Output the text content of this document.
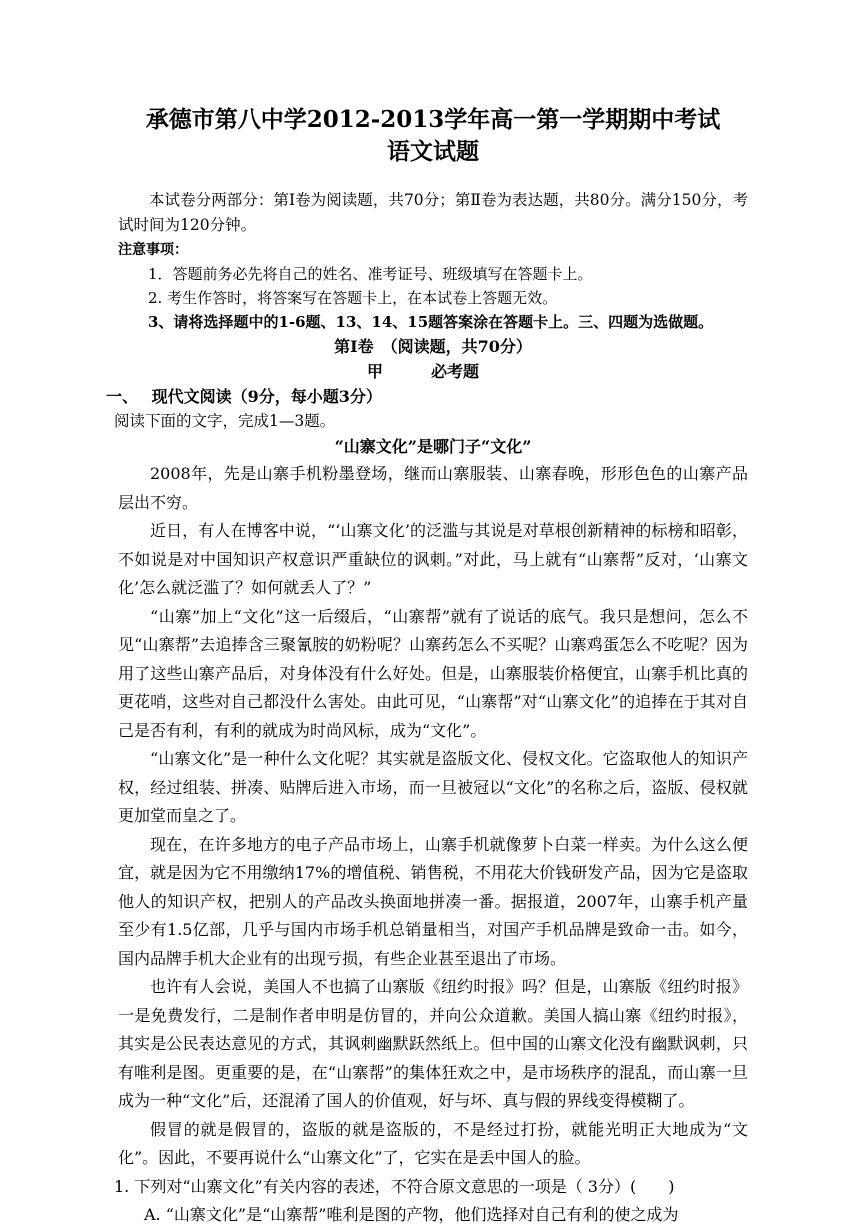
承德市第八中学2012-2013学年高一第一学期期中考试

语文试题

本试卷分两部分：第Ⅰ卷为阅读题，共70分；第Ⅱ卷为表达题，共80分。满分150分，考试时间为120分钟。

注意事项：

1．答题前务必先将自己的姓名、准考证号、班级填写在答题卡上。

2. 考生作答时，将答案写在答题卡上，在本试卷上答题无效。

3、请将选择题中的1-6题、13、14、15题答案涂在答题卡上。三、四题为选做题。

第Ⅰ卷　（阅读题，共70分）

甲　　　必考题

一、　 现代文阅读（9分，每小题3分）

阅读下面的文字，完成1—3题。

“山寨文化”是哪门子“文化”

2008年，先是山寨手机粉墨登场，继而山寨服装、山寨春晚，形形色色的山寨产品层出不穷。

近日，有人在博客中说，“‘山寨文化’的泛滥与其说是对草根创新精神的标榜和昭彰，不如说是对中国知识产权意识严重缺位的讽刺。”对此，马上就有“山寨帮”反对，‘山寨文化’怎么就泛滥了？如何就丢人了？”

“山寨”加上“文化”这一后缀后，“山寨帮”就有了说话的底气。我只是想问，怎么不见“山寨帮”去追捧含三聚氰胺的奶粉呢？山寨药怎么不买呢？山寨鸡蛋怎么不吃呢？因为用了这些山寨产品后，对身体没有什么好处。但是，山寨服装价格便宜，山寨手机比真的更花哨，这些对自己都没什么害处。由此可见，“山寨帮”对“山寨文化”的追捧在于其对自己是否有利，有利的就成为时尚风标，成为“文化”。

“山寨文化”是一种什么文化呢？其实就是盗版文化、侵权文化。它盗取他人的知识产权，经过组装、拼凑、贴牌后进入市场，而一旦被冠以“文化”的名称之后，盗版、侵权就更加堂而皇之了。

现在，在许多地方的电子产品市场上，山寨手机就像萝卜白菜一样卖。为什么这么便宜，就是因为它不用缴纳17%的增值税、销售税，不用花大价钱研发产品，因为它是盗取他人的知识产权，把别人的产品改头换面地拼凑一番。据报道，2007年，山寨手机产量至少有1.5亿部，几乎与国内市场手机总销量相当，对国产手机品牌是致命一击。如今，国内品牌手机大企业有的出现亏损，有些企业甚至退出了市场。

也许有人会说，美国人不也搞了山寨版《纽约时报》吗？但是，山寨版《纽约时报》一是免费发行，二是制作者申明是仿冒的，并向公众道歉。美国人搞山寨《纽约时报》，其实是公民表达意见的方式，其讽刺幽默跃然纸上。但中国的山寨文化没有幽默讽刺，只有唯利是图。更重要的是，在“山寨帮”的集体狂欢之中，是市场秩序的混乱，而山寨一旦成为一种“文化”后，还混淆了国人的价值观，好与坏、真与假的界线变得模糊了。

假冒的就是假冒的，盗版的就是盗版的，不是经过打扮，就能光明正大地成为“文化”。因此，不要再说什么“山寨文化”了，它实在是丢中国人的脸。

1. 下列对“山寨文化”有关内容的表述，不符合原文意思的一项是（ 3分）(　　)

A. “山寨文化”是“山寨帮”唯利是图的产物，他们选择对自己有利的使之成为
